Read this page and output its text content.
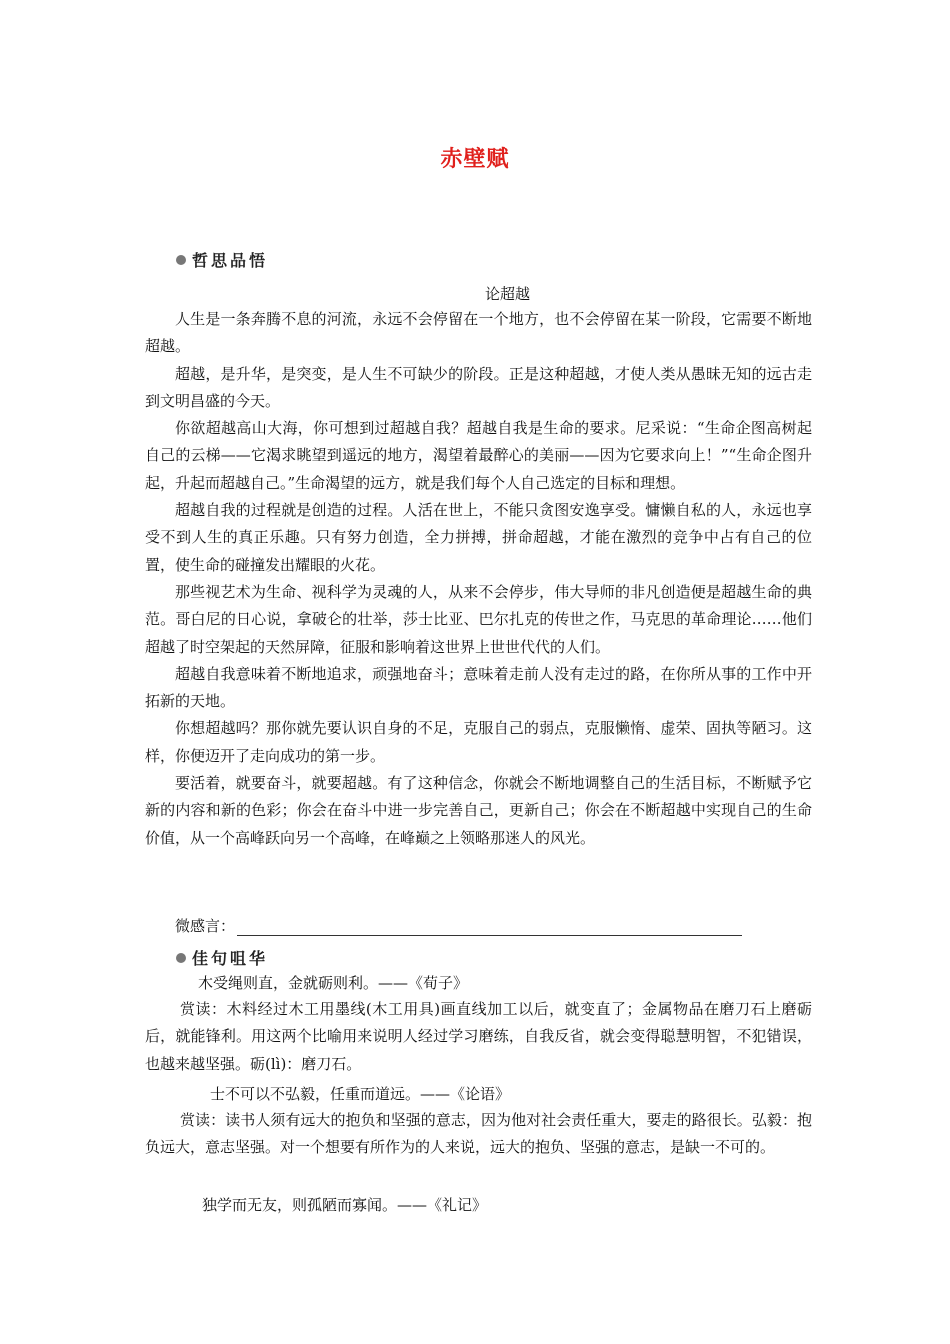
赤壁赋
哲思品悟
论超越

人生是一条奔腾不息的河流，永远不会停留在一个地方，也不会停留在某一阶段，它需要不断地超越。

超越，是升华，是突变，是人生不可缺少的阶段。正是这种超越，才使人类从愚昧无知的远古走到文明昌盛的今天。

你欲超越高山大海，你可想到过超越自我？超越自我是生命的要求。尼采说：“生命企图高树起自己的云梯——它渴求眺望到遥远的地方，渴望着最醉心的美丽——因为它要求向上！”“生命企图升起，升起而超越自己。”生命渴望的远方，就是我们每个人自己选定的目标和理想。

超越自我的过程就是创造的过程。人活在世上，不能只贪图安逸享受。慵懒自私的人，永远也享受不到人生的真正乐趣。只有努力创造，全力拼搏，拼命超越，才能在激烈的竞争中占有自己的位置，使生命的碰撞发出耀眼的火花。

那些视艺术为生命、视科学为灵魂的人，从来不会停步，伟大导师的非凡创造便是超越生命的典范。哥白尼的日心说，拿破仑的壮举，莎士比亚、巴尔扎克的传世之作，马克思的革命理论……他们超越了时空架起的天然屏障，征服和影响着这世界上世世代代的人们。

超越自我意味着不断地追求，顽强地奋斗；意味着走前人没有走过的路，在你所从事的工作中开拓新的天地。

你想超越吗？那你就先要认识自身的不足，克服自己的弱点，克服懒惰、虚荣、固执等陋习。这样，你便迈开了走向成功的第一步。

要活着，就要奋斗，就要超越。有了这种信念，你就会不断地调整自己的生活目标，不断赋予它新的内容和新的色彩；你会在奋斗中进一步完善自己，更新自己；你会在不断超越中实现自己的生命价值，从一个高峰跃向另一个高峰，在峰巅之上领略那迷人的风光。

微感言：
佳句咀华
木受绳则直，金就砺则利。——《荀子》

赏读：木料经过木工用墨线(木工用具)画直线加工以后，就变直了；金属物品在磨刀石上磨砺后，就能锋利。用这两个比喻用来说明人经过学习磨练，自我反省，就会变得聪慧明智，不犯错误，也越来越坚强。砺(lì)：磨刀石。

士不可以不弘毅，任重而道远。——《论语》

赏读：读书人须有远大的抱负和坚强的意志，因为他对社会责任重大，要走的路很长。弘毅：抱负远大，意志坚强。对一个想要有所作为的人来说，远大的抱负、坚强的意志，是缺一不可的。

独学而无友，则孤陋而寡闻。——《礼记》
